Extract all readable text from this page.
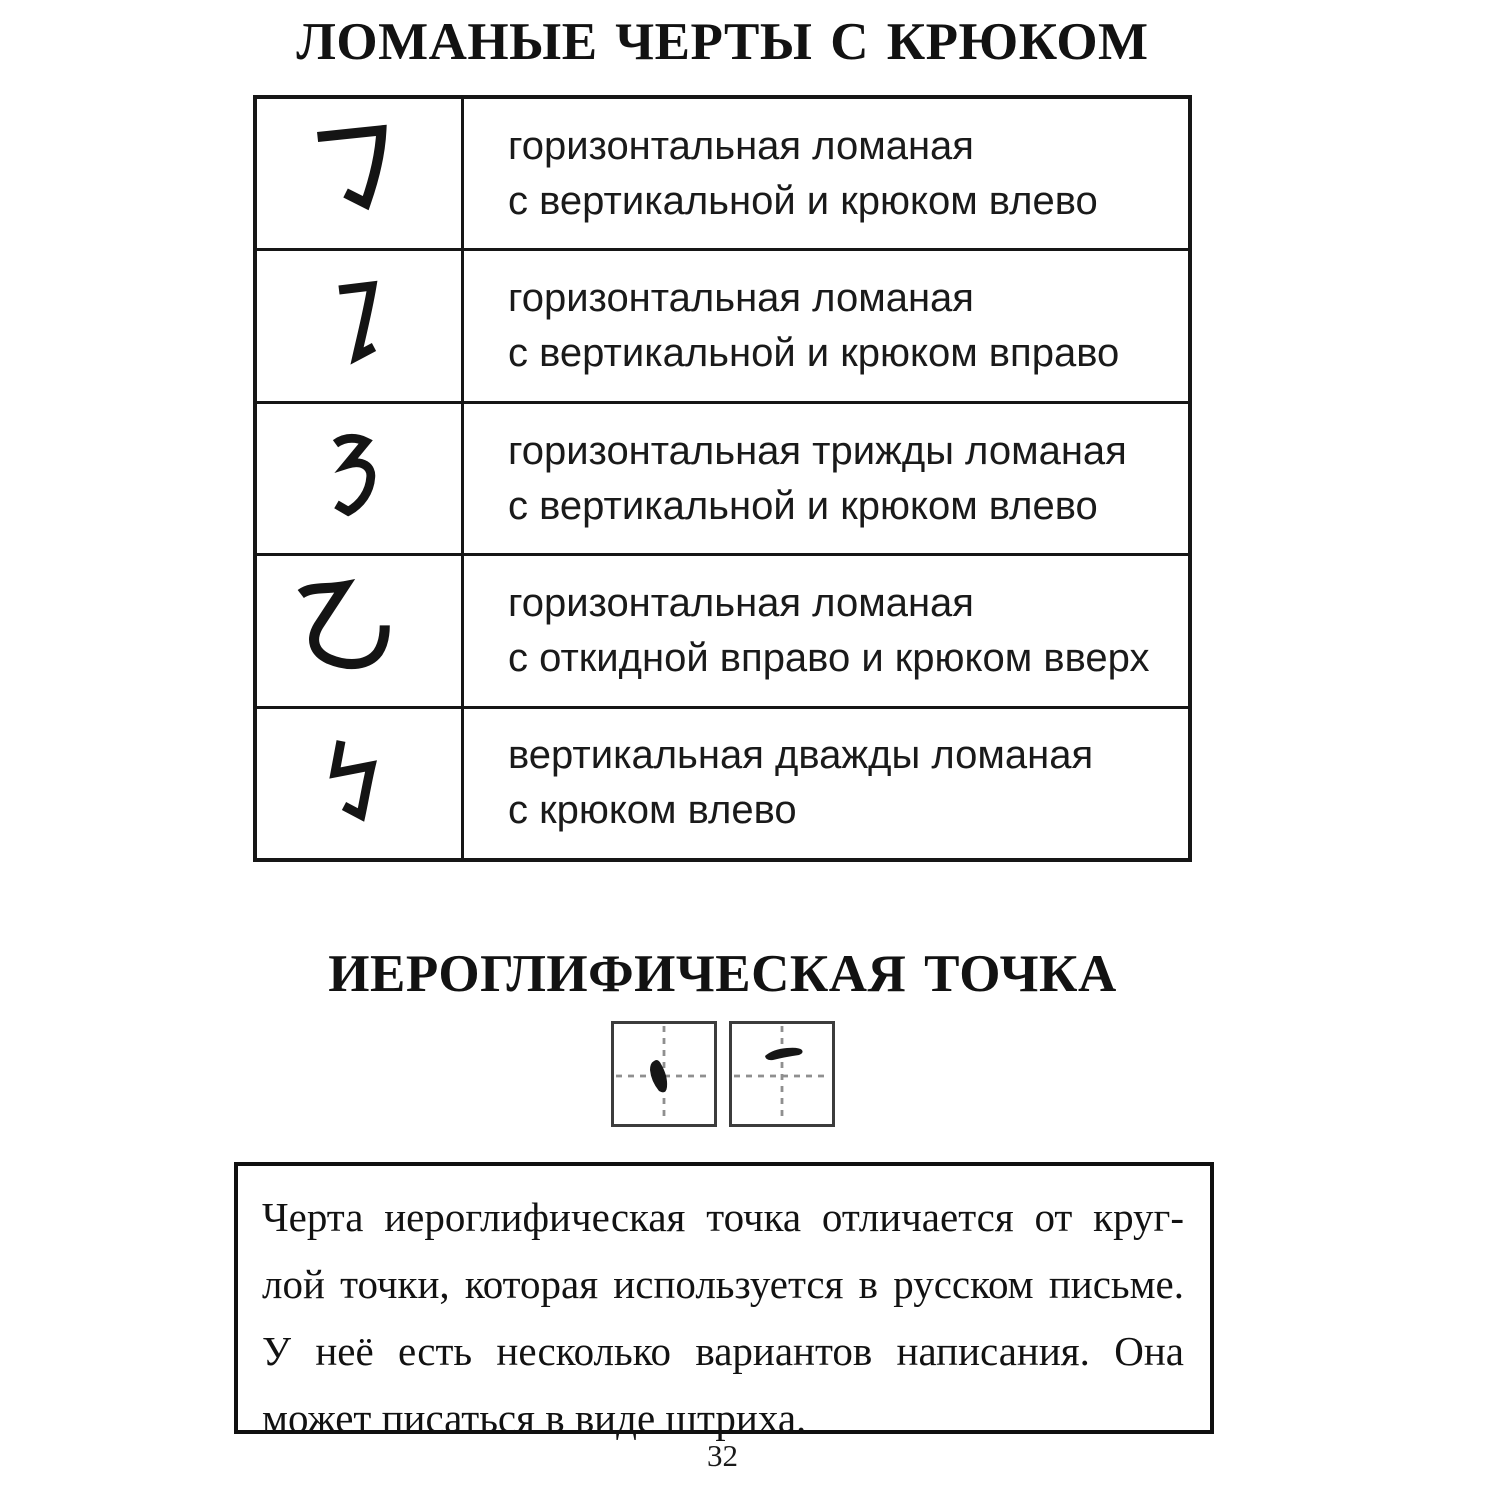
ЛОМАНЫЕ ЧЕРТЫ С КРЮКОМ
горизонтальная ломаная
с вертикальной и крюком влево
горизонтальная ломаная
с вертикальной и крюком вправо
горизонтальная трижды ломаная
с вертикальной и крюком влево
горизонтальная ломаная
с откидной вправо и крюком вверх
вертикальная дважды ломаная
с крюком влево
ИЕРОГЛИФИЧЕСКАЯ ТОЧКА
Черта иероглифическая точка отличается от круг-
лой точки, которая используется в русском письме.
У неё есть несколько вариантов написания. Она
может писаться в виде штриха.
32
